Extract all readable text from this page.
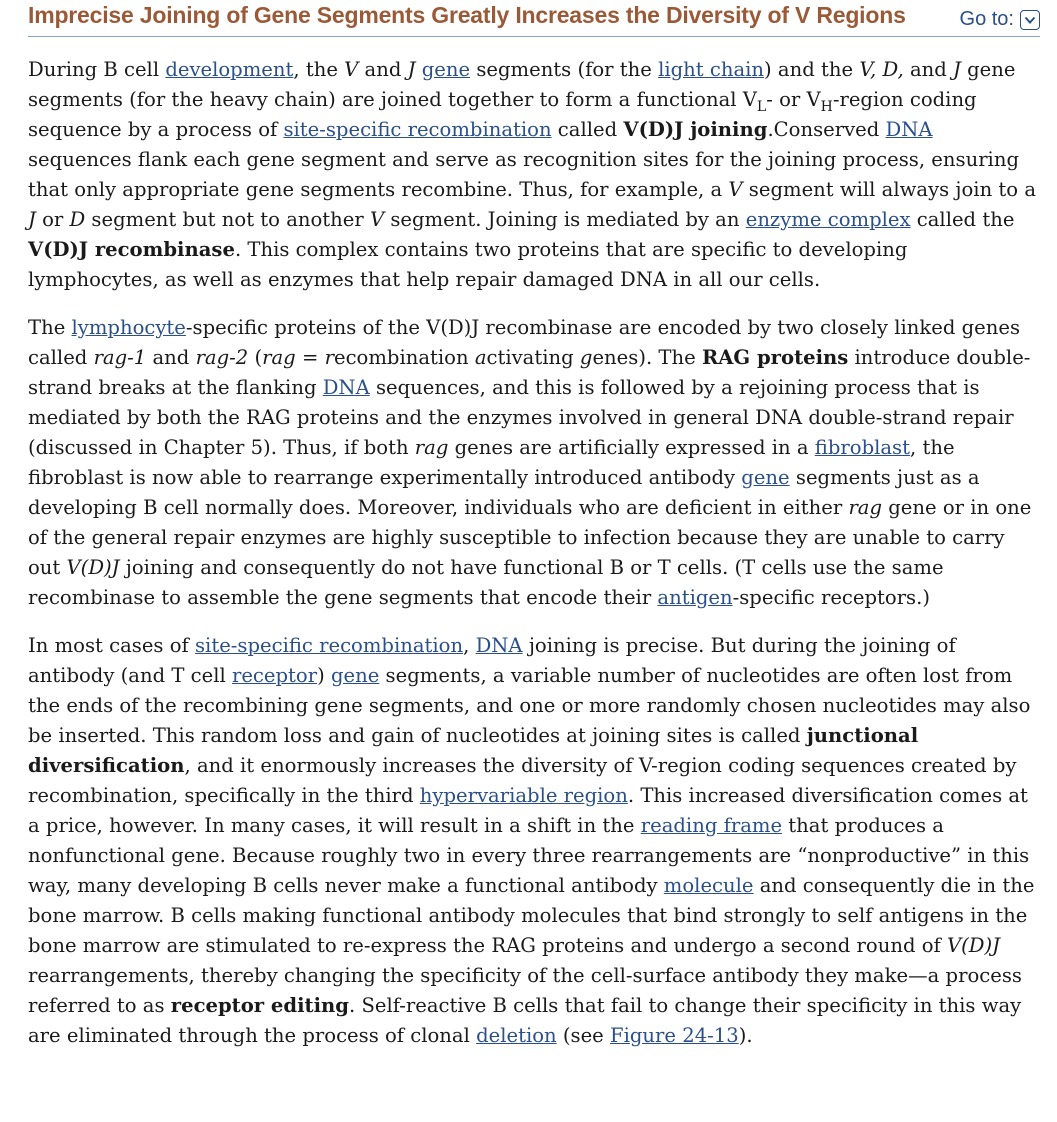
Imprecise Joining of Gene Segments Greatly Increases the Diversity of V Regions	Go to:

During B cell development, the V and J gene segments (for the light chain) and the V, D, and J gene segments (for the heavy chain) are joined together to form a functional $V_L-$ or $V_H$-region coding sequence by a process of site-specific recombination called V(D)J joining.Conserved DNA sequences flank each gene segment and serve as recognition sites for the joining process, ensuring that only appropriate gene segments recombine. Thus, for example, a V segment will always join to a J or D segment but not to another V segment. Joining is mediated by an enzyme complex called the V(D)J recombinase. This complex contains two proteins that are specific to developing lymphocytes, as well as enzymes that help repair damaged DNA in all our cells.

The lymphocyte-specific proteins of the V(D)J recombinase are encoded by two closely linked genes called rag-1 and rag-2 (rag = recombination activating genes). The RAG proteins introduce double-strand breaks at the flanking DNA sequences, and this is followed by a rejoining process that is mediated by both the RAG proteins and the enzymes involved in general DNA double-strand repair (discussed in Chapter 5). Thus, if both rag genes are artificially expressed in a fibroblast, the fibroblast is now able to rearrange experimentally introduced antibody gene segments just as a developing B cell normally does. Moreover, individuals who are deficient in either rag gene or in one of the general repair enzymes are highly susceptible to infection because they are unable to carry out V(D)J joining and consequently do not have functional B or T cells. (T cells use the same recombinase to assemble the gene segments that encode their antigen-specific receptors.)

In most cases of site-specific recombination, DNA joining is precise. But during the joining of antibody (and T cell receptor) gene segments, a variable number of nucleotides are often lost from the ends of the recombining gene segments, and one or more randomly chosen nucleotides may also be inserted. This random loss and gain of nucleotides at joining sites is called junctional diversification, and it enormously increases the diversity of V-region coding sequences created by recombination, specifically in the third hypervariable region. This increased diversification comes at a price, however. In many cases, it will result in a shift in the reading frame that produces a nonfunctional gene. Because roughly two in every three rearrangements are “nonproductive” in this way, many developing B cells never make a functional antibody molecule and consequently die in the bone marrow. B cells making functional antibody molecules that bind strongly to self antigens in the bone marrow are stimulated to re-express the RAG proteins and undergo a second round of V(D)J rearrangements, thereby changing the specificity of the cell-surface antibody they make—a process referred to as receptor editing. Self-reactive B cells that fail to change their specificity in this way are eliminated through the process of clonal deletion (see Figure 24-13).
